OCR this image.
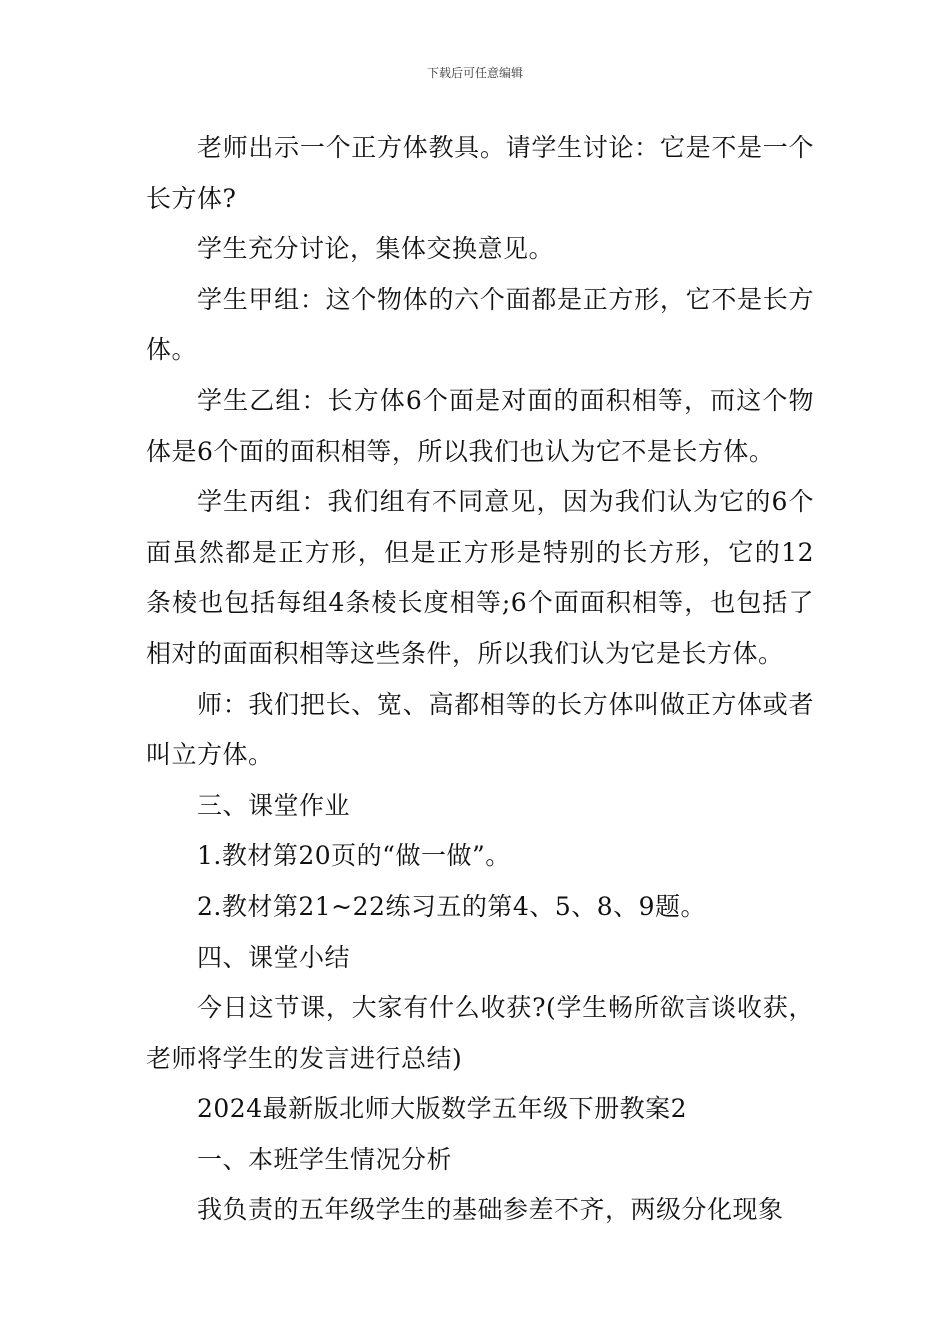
下载后可任意编辑

老师出示一个正方体教具。请学生讨论：它是不是一个长方体?

学生充分讨论，集体交换意见。

学生甲组：这个物体的六个面都是正方形，它不是长方体。

学生乙组：长方体6个面是对面的面积相等，而这个物体是6个面的面积相等，所以我们也认为它不是长方体。

学生丙组：我们组有不同意见，因为我们认为它的6个面虽然都是正方形，但是正方形是特别的长方形，它的12条棱也包括每组4条棱长度相等;6个面面积相等，也包括了相对的面面积相等这些条件，所以我们认为它是长方体。

师：我们把长、宽、高都相等的长方体叫做正方体或者叫立方体。

三、课堂作业

1.教材第20页的“做一做”。

2.教材第21~22练习五的第4、5、8、9题。

四、课堂小结

今日这节课，大家有什么收获?(学生畅所欲言谈收获，老师将学生的发言进行总结)

2024最新版北师大版数学五年级下册教案2

一、本班学生情况分析

我负责的五年级学生的基础参差不齐，两级分化现象
